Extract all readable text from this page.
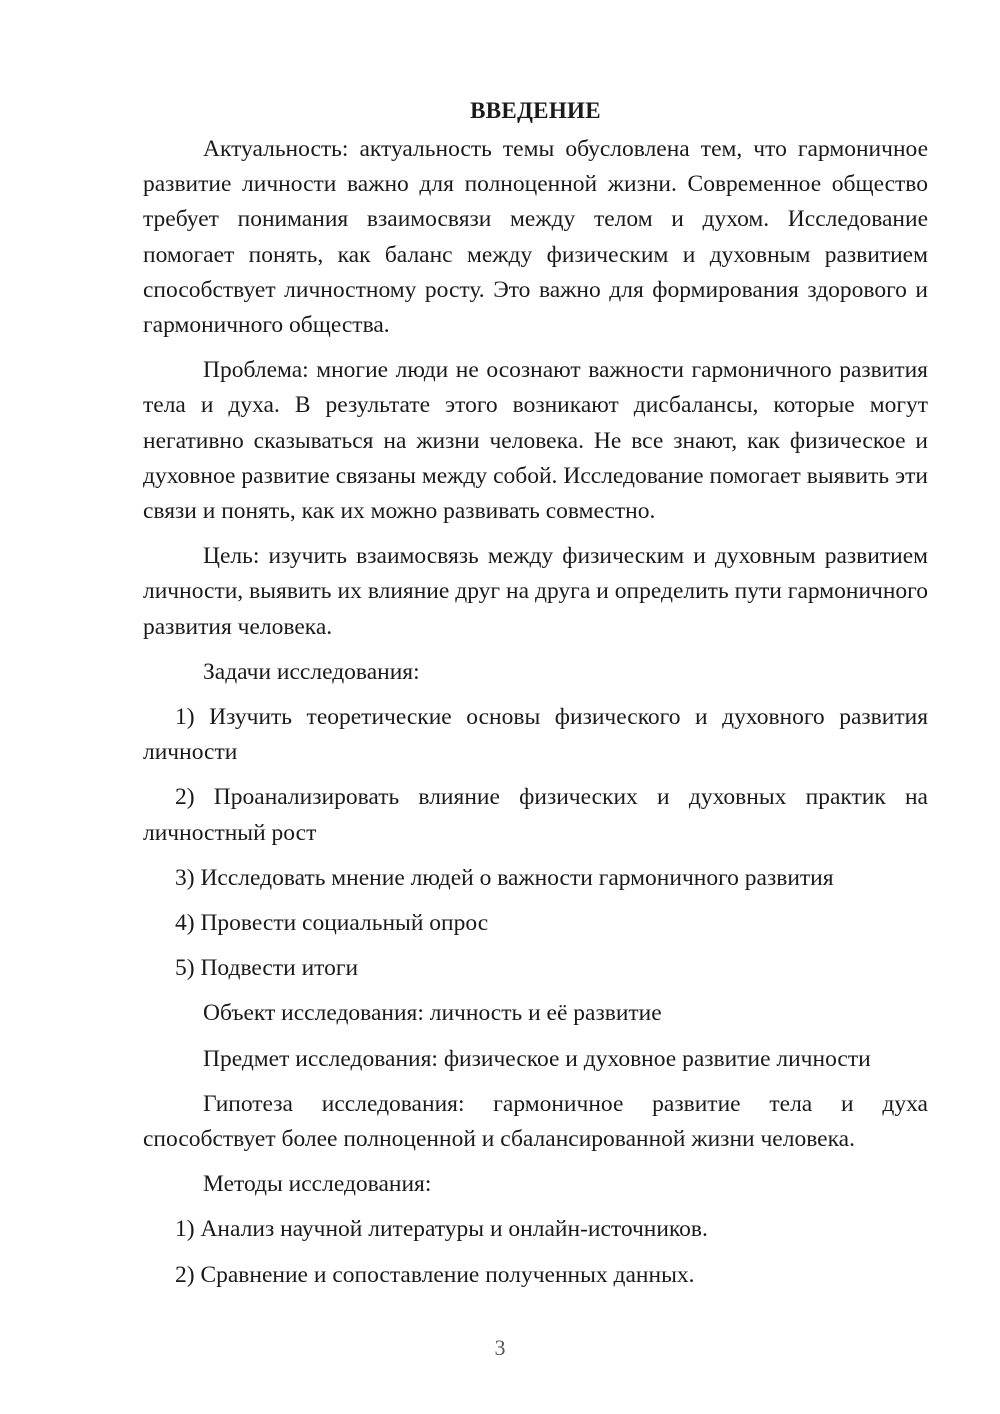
ВВЕДЕНИЕ

Актуальность: актуальность темы обусловлена тем, что гармоничное развитие личности важно для полноценной жизни. Современное общество требует понимания взаимосвязи между телом и духом. Исследование помогает понять, как баланс между физическим и духовным развитием способствует личностному росту. Это важно для формирования здорового и гармоничного общества.

Проблема: многие люди не осознают важности гармоничного развития тела и духа. В результате этого возникают дисбалансы, которые могут негативно сказываться на жизни человека. Не все знают, как физическое и духовное развитие связаны между собой. Исследование помогает выявить эти связи и понять, как их можно развивать совместно.

Цель: изучить взаимосвязь между физическим и духовным развитием личности, выявить их влияние друг на друга и определить пути гармоничного развития человека.

Задачи исследования:

1) Изучить теоретические основы физического и духовного развития личности

2) Проанализировать влияние физических и духовных практик на личностный рост

3) Исследовать мнение людей о важности гармоничного развития

4) Провести социальный опрос

5) Подвести итоги

Объект исследования: личность и её развитие

Предмет исследования: физическое и духовное развитие личности

Гипотеза исследования: гармоничное развитие тела и духа способствует более полноценной и сбалансированной жизни человека.

Методы исследования:

1) Анализ научной литературы и онлайн-источников.

2) Сравнение и сопоставление полученных данных.

3
